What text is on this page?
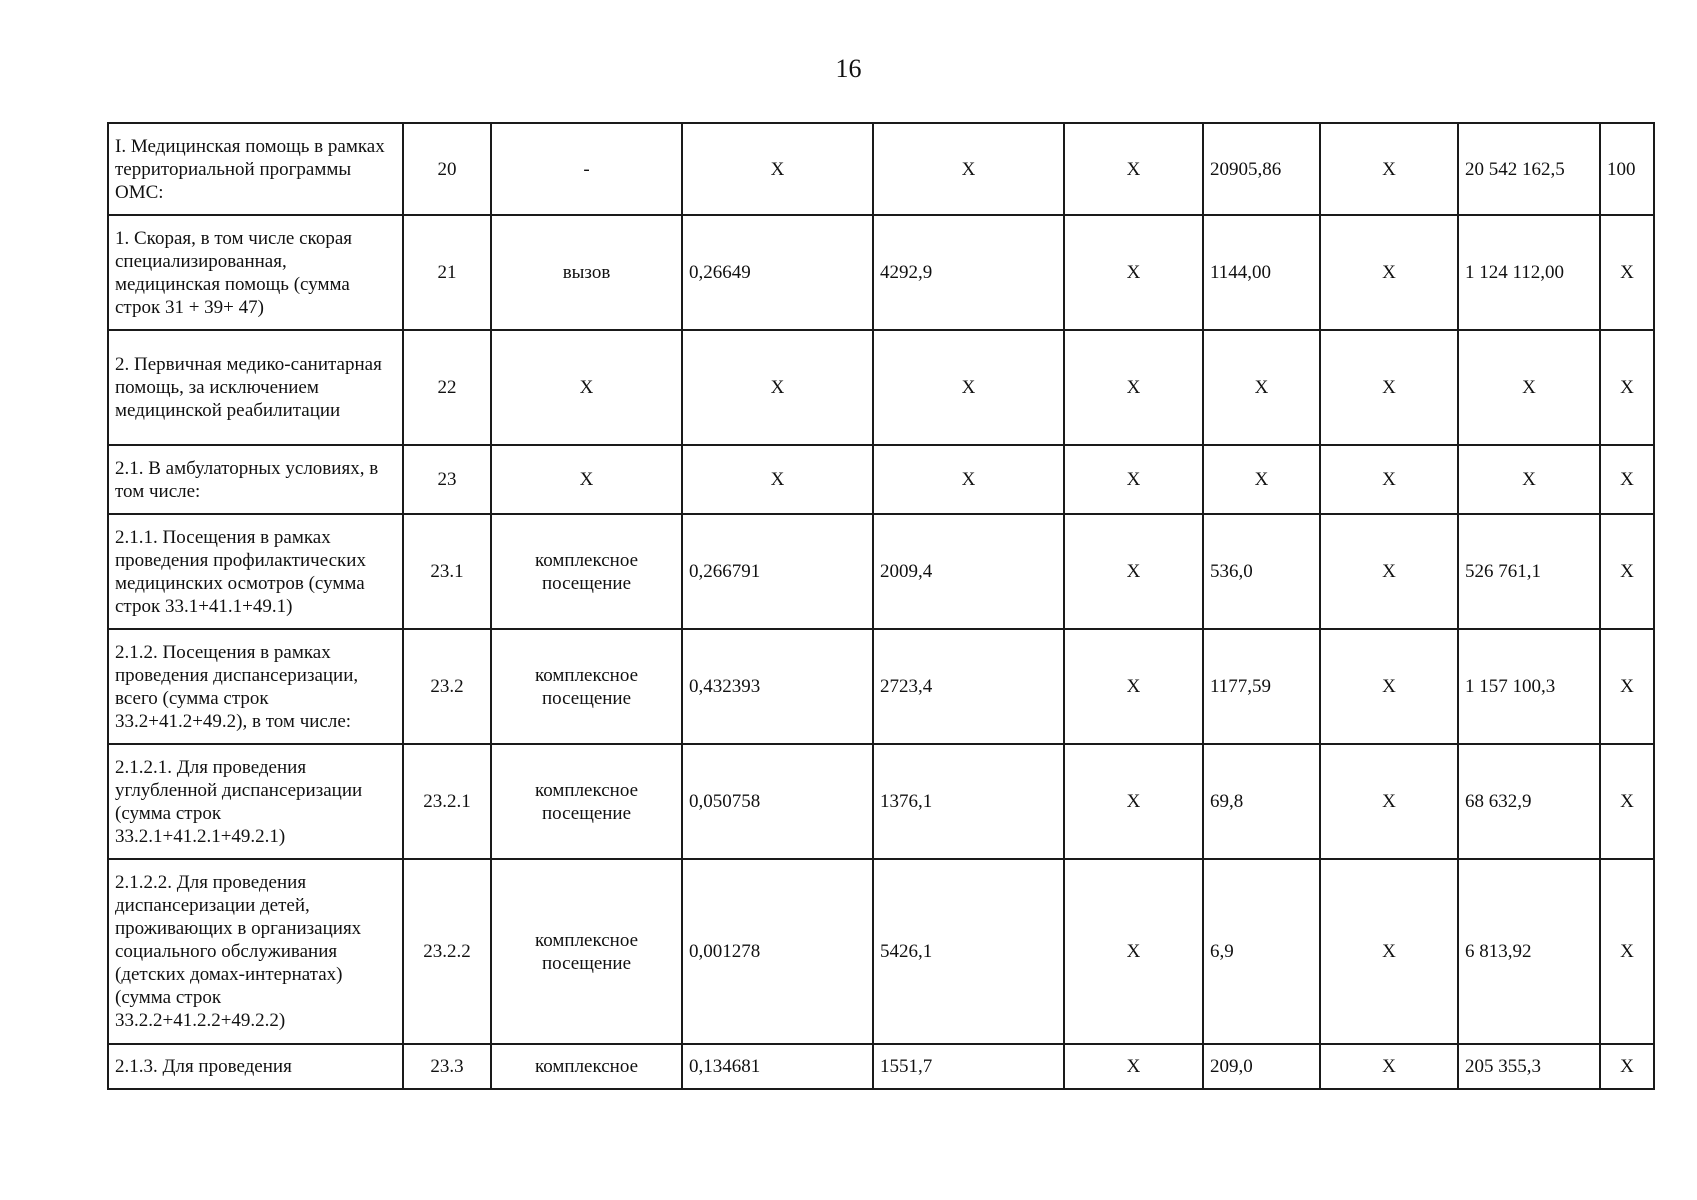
16
I. Медицинская помощь в рамках территориальной программы ОМС:	20	-	X	X	X	20905,86	X	20 542 162,5	100
1. Скорая, в том числе скорая специализированная, медицинская помощь (сумма строк 31 + 39+ 47)	21	вызов	0,26649	4292,9	X	1144,00	X	1 124 112,00	X
2. Первичная медико-санитарная помощь, за исключением медицинской реабилитации	22	X	X	X	X	X	X	X	X
2.1. В амбулаторных условиях, в том числе:	23	X	X	X	X	X	X	X	X
2.1.1. Посещения в рамках проведения профилактических медицинских осмотров (сумма строк 33.1+41.1+49.1)	23.1	комплексное посещение	0,266791	2009,4	X	536,0	X	526 761,1	X
2.1.2. Посещения в рамках проведения диспансеризации, всего (сумма строк 33.2+41.2+49.2), в том числе:	23.2	комплексное посещение	0,432393	2723,4	X	1177,59	X	1 157 100,3	X
2.1.2.1. Для проведения углубленной диспансеризации (сумма строк 33.2.1+41.2.1+49.2.1)	23.2.1	комплексное посещение	0,050758	1376,1	X	69,8	X	68 632,9	X
2.1.2.2. Для проведения диспансеризации детей, проживающих в организациях социального обслуживания (детских домах-интернатах) (сумма строк 33.2.2+41.2.2+49.2.2)	23.2.2	комплексное посещение	0,001278	5426,1	X	6,9	X	6 813,92	X
2.1.3. Для проведения	23.3	комплексное	0,134681	1551,7	X	209,0	X	205 355,3	X
